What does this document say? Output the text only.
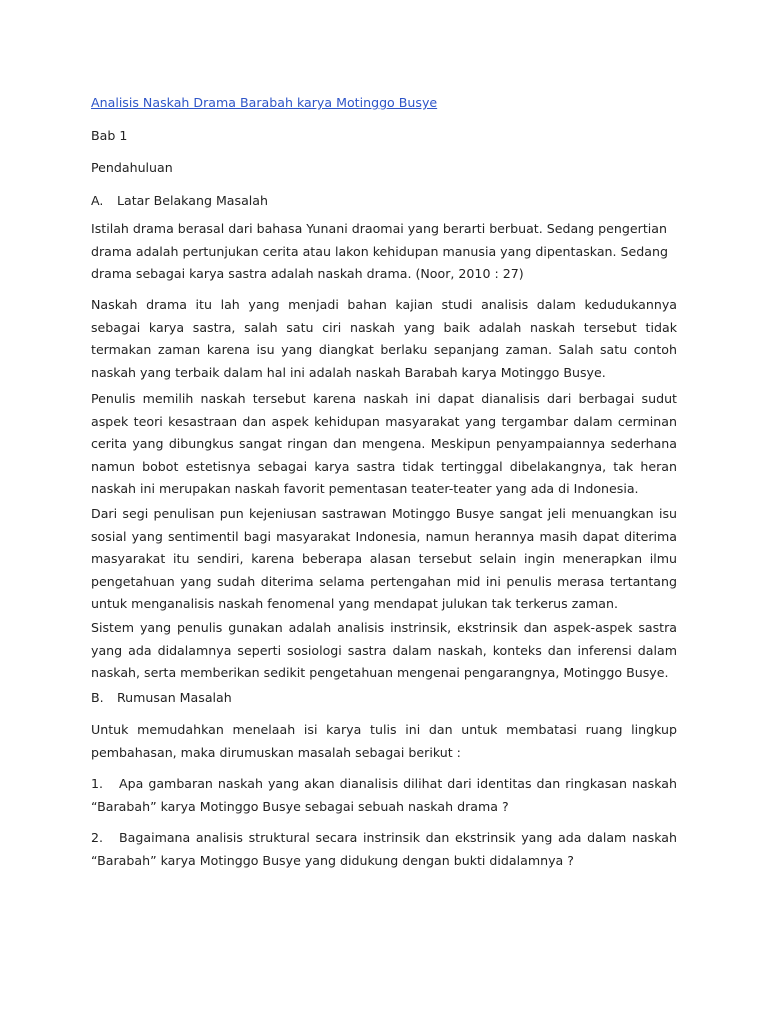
Analisis Naskah Drama Barabah karya Motinggo Busye
Bab 1
Pendahuluan
A. Latar Belakang Masalah

Istilah drama berasal dari bahasa Yunani draomai yang berarti berbuat. Sedang pengertian drama adalah pertunjukan cerita atau lakon kehidupan manusia yang dipentaskan. Sedang drama sebagai karya sastra adalah naskah drama. (Noor, 2010 : 27)

Naskah drama itu lah yang menjadi bahan kajian studi analisis dalam kedudukannya sebagai karya sastra, salah satu ciri naskah yang baik adalah naskah tersebut tidak termakan zaman karena isu yang diangkat berlaku sepanjang zaman. Salah satu contoh naskah yang terbaik dalam hal ini adalah naskah Barabah karya Motinggo Busye.

Penulis memilih naskah tersebut karena naskah ini dapat dianalisis dari berbagai sudut aspek teori kesastraan dan aspek kehidupan masyarakat yang tergambar dalam cerminan cerita yang dibungkus sangat ringan dan mengena. Meskipun penyampaiannya sederhana namun bobot estetisnya sebagai karya sastra tidak tertinggal dibelakangnya, tak heran naskah ini merupakan naskah favorit pementasan teater-teater yang ada di Indonesia.

Dari segi penulisan pun kejeniusan sastrawan Motinggo Busye sangat jeli menuangkan isu sosial yang sentimentil bagi masyarakat Indonesia, namun herannya masih dapat diterima masyarakat itu sendiri, karena beberapa alasan tersebut selain ingin menerapkan ilmu pengetahuan yang sudah diterima selama pertengahan mid ini penulis merasa tertantang untuk menganalisis naskah fenomenal yang mendapat julukan tak terkerus zaman.

Sistem yang penulis gunakan adalah analisis instrinsik, ekstrinsik dan aspek-aspek sastra yang ada didalamnya seperti sosiologi sastra dalam naskah, konteks dan inferensi dalam naskah, serta memberikan sedikit pengetahuan mengenai pengarangnya, Motinggo Busye.

B. Rumusan Masalah

Untuk memudahkan menelaah isi karya tulis ini dan untuk membatasi ruang lingkup pembahasan, maka dirumuskan masalah sebagai berikut :

1. Apa gambaran naskah yang akan dianalisis dilihat dari identitas dan ringkasan naskah “Barabah” karya Motinggo Busye sebagai sebuah naskah drama ?

2. Bagaimana analisis struktural secara instrinsik dan ekstrinsik yang ada dalam naskah “Barabah” karya Motinggo Busye yang didukung dengan bukti didalamnya ?
